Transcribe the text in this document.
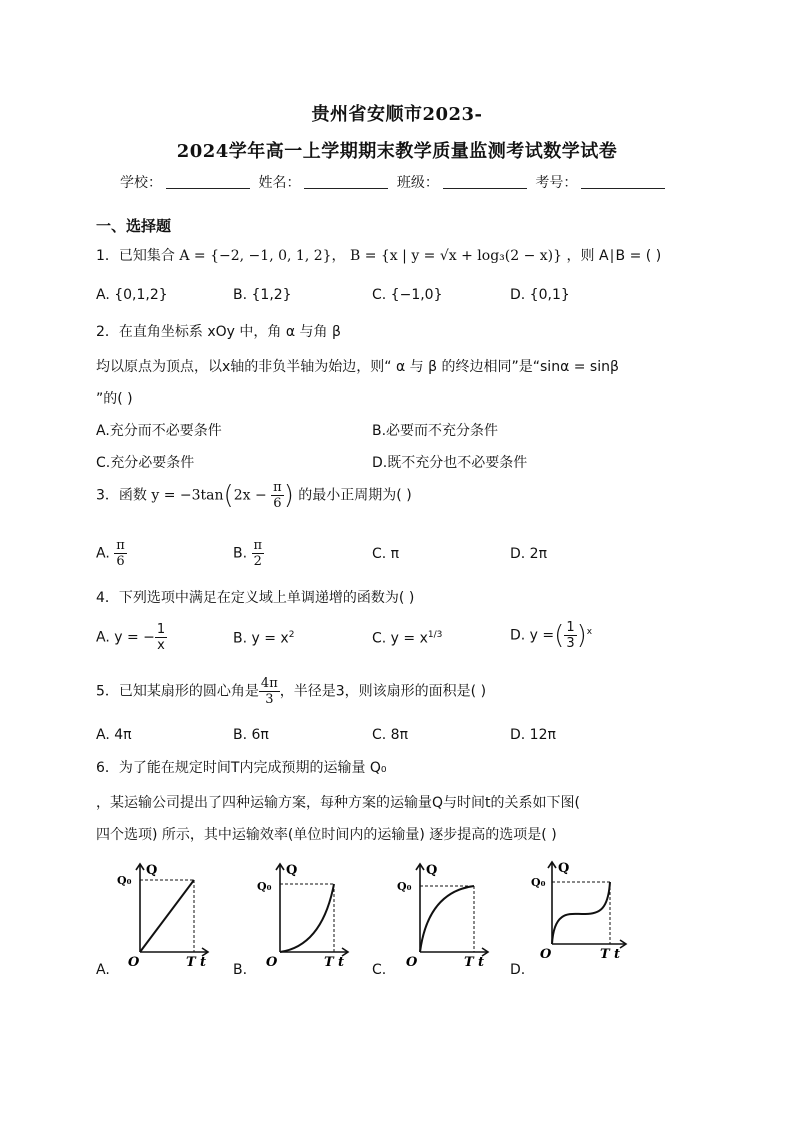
贵州省安顺市2023-
2024学年高一上学期期末教学质量监测考试数学试卷
学校：	姓名：	班级：	考号：
一、选择题
1．已知集合 A = {−2, −1, 0, 1, 2}， B = {x | y = √x + log₃(2 − x)} ，则 A∣B = ( )
A. {0,1,2}	B. {1,2}	C. {−1,0}	D. {0,1}
2．在直角坐标系 xOy 中，角 α 与角 β
均以原点为顶点，以x轴的非负半轴为始边，则“ α 与 β 的终边相同”是“sinα = sinβ
”的( )
A.充分而不必要条件	B.必要而不充分条件
C.充分必要条件	D.既不充分也不必要条件
3．函数 $y = -3\tan(2x - \frac{\pi}{6}$ ) 的最小正周期为( )
A. $\frac{\pi}{6}$	B. $\frac{\pi}{2}$	C. π	D. 2π
4．下列选项中满足在定义域上单调递增的函数为( )
A. y = − $\frac{1}{x}$	B. $y = x^2$	C. $y = x^{1/3}$	D. y =( $\frac{1}{3} )^x$
5．已知某扇形的圆心角是 $\frac{4\pi}{3}$ ，半径是3，则该扇形的面积是( )
A. 4π	B. 6π	C. 8π	D. 12π
6．为了能在规定时间T内完成预期的运输量 Q₀
，某运输公司提出了四种运输方案，每种方案的运输量Q与时间t的关系如下图(
四个选项) 所示，其中运输效率(单位时间内的运输量) 逐步提高的选项是( )
A.	B.	C.	D.
Q
Q₀
O	T t
Q
Q₀
O	T t
Q
Q₀
O	T t
Q
Q₀
O	T t
